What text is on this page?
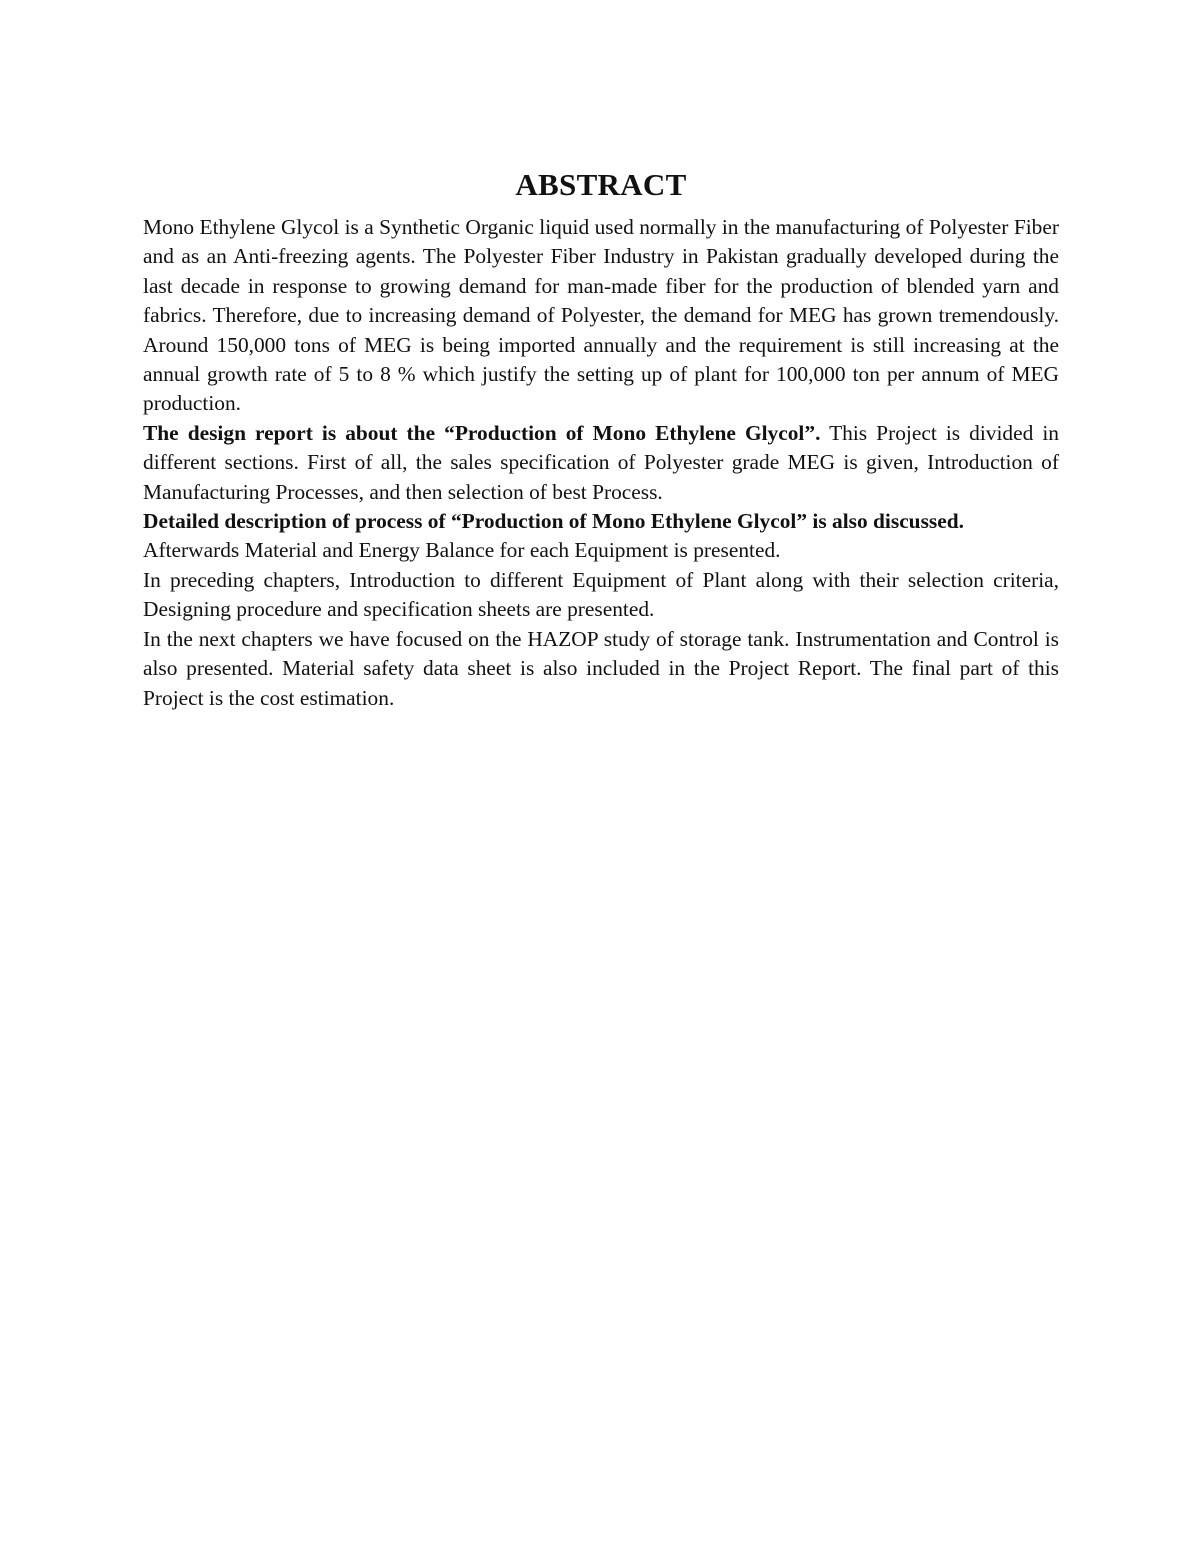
ABSTRACT

Mono Ethylene Glycol is a Synthetic Organic liquid used normally in the manufacturing of Polyester Fiber and as an Anti-freezing agents. The Polyester Fiber Industry in Pakistan gradually developed during the last decade in response to growing demand for man-made fiber for the production of blended yarn and fabrics. Therefore, due to increasing demand of Polyester, the demand for MEG has grown tremendously. Around 150,000 tons of MEG is being imported annually and the requirement is still increasing at the annual growth rate of 5 to 8 % which justify the setting up of plant for 100,000 ton per annum of MEG production.

The design report is about the “Production of Mono Ethylene Glycol”. This Project is divided in different sections. First of all, the sales specification of Polyester grade MEG is given, Introduction of Manufacturing Processes, and then selection of best Process.

Detailed description of process of “Production of Mono Ethylene Glycol” is also discussed.

Afterwards Material and Energy Balance for each Equipment is presented.

In preceding chapters, Introduction to different Equipment of Plant along with their selection criteria, Designing procedure and specification sheets are presented.

In the next chapters we have focused on the HAZOP study of storage tank. Instrumentation and Control is also presented. Material safety data sheet is also included in the Project Report. The final part of this Project is the cost estimation.
